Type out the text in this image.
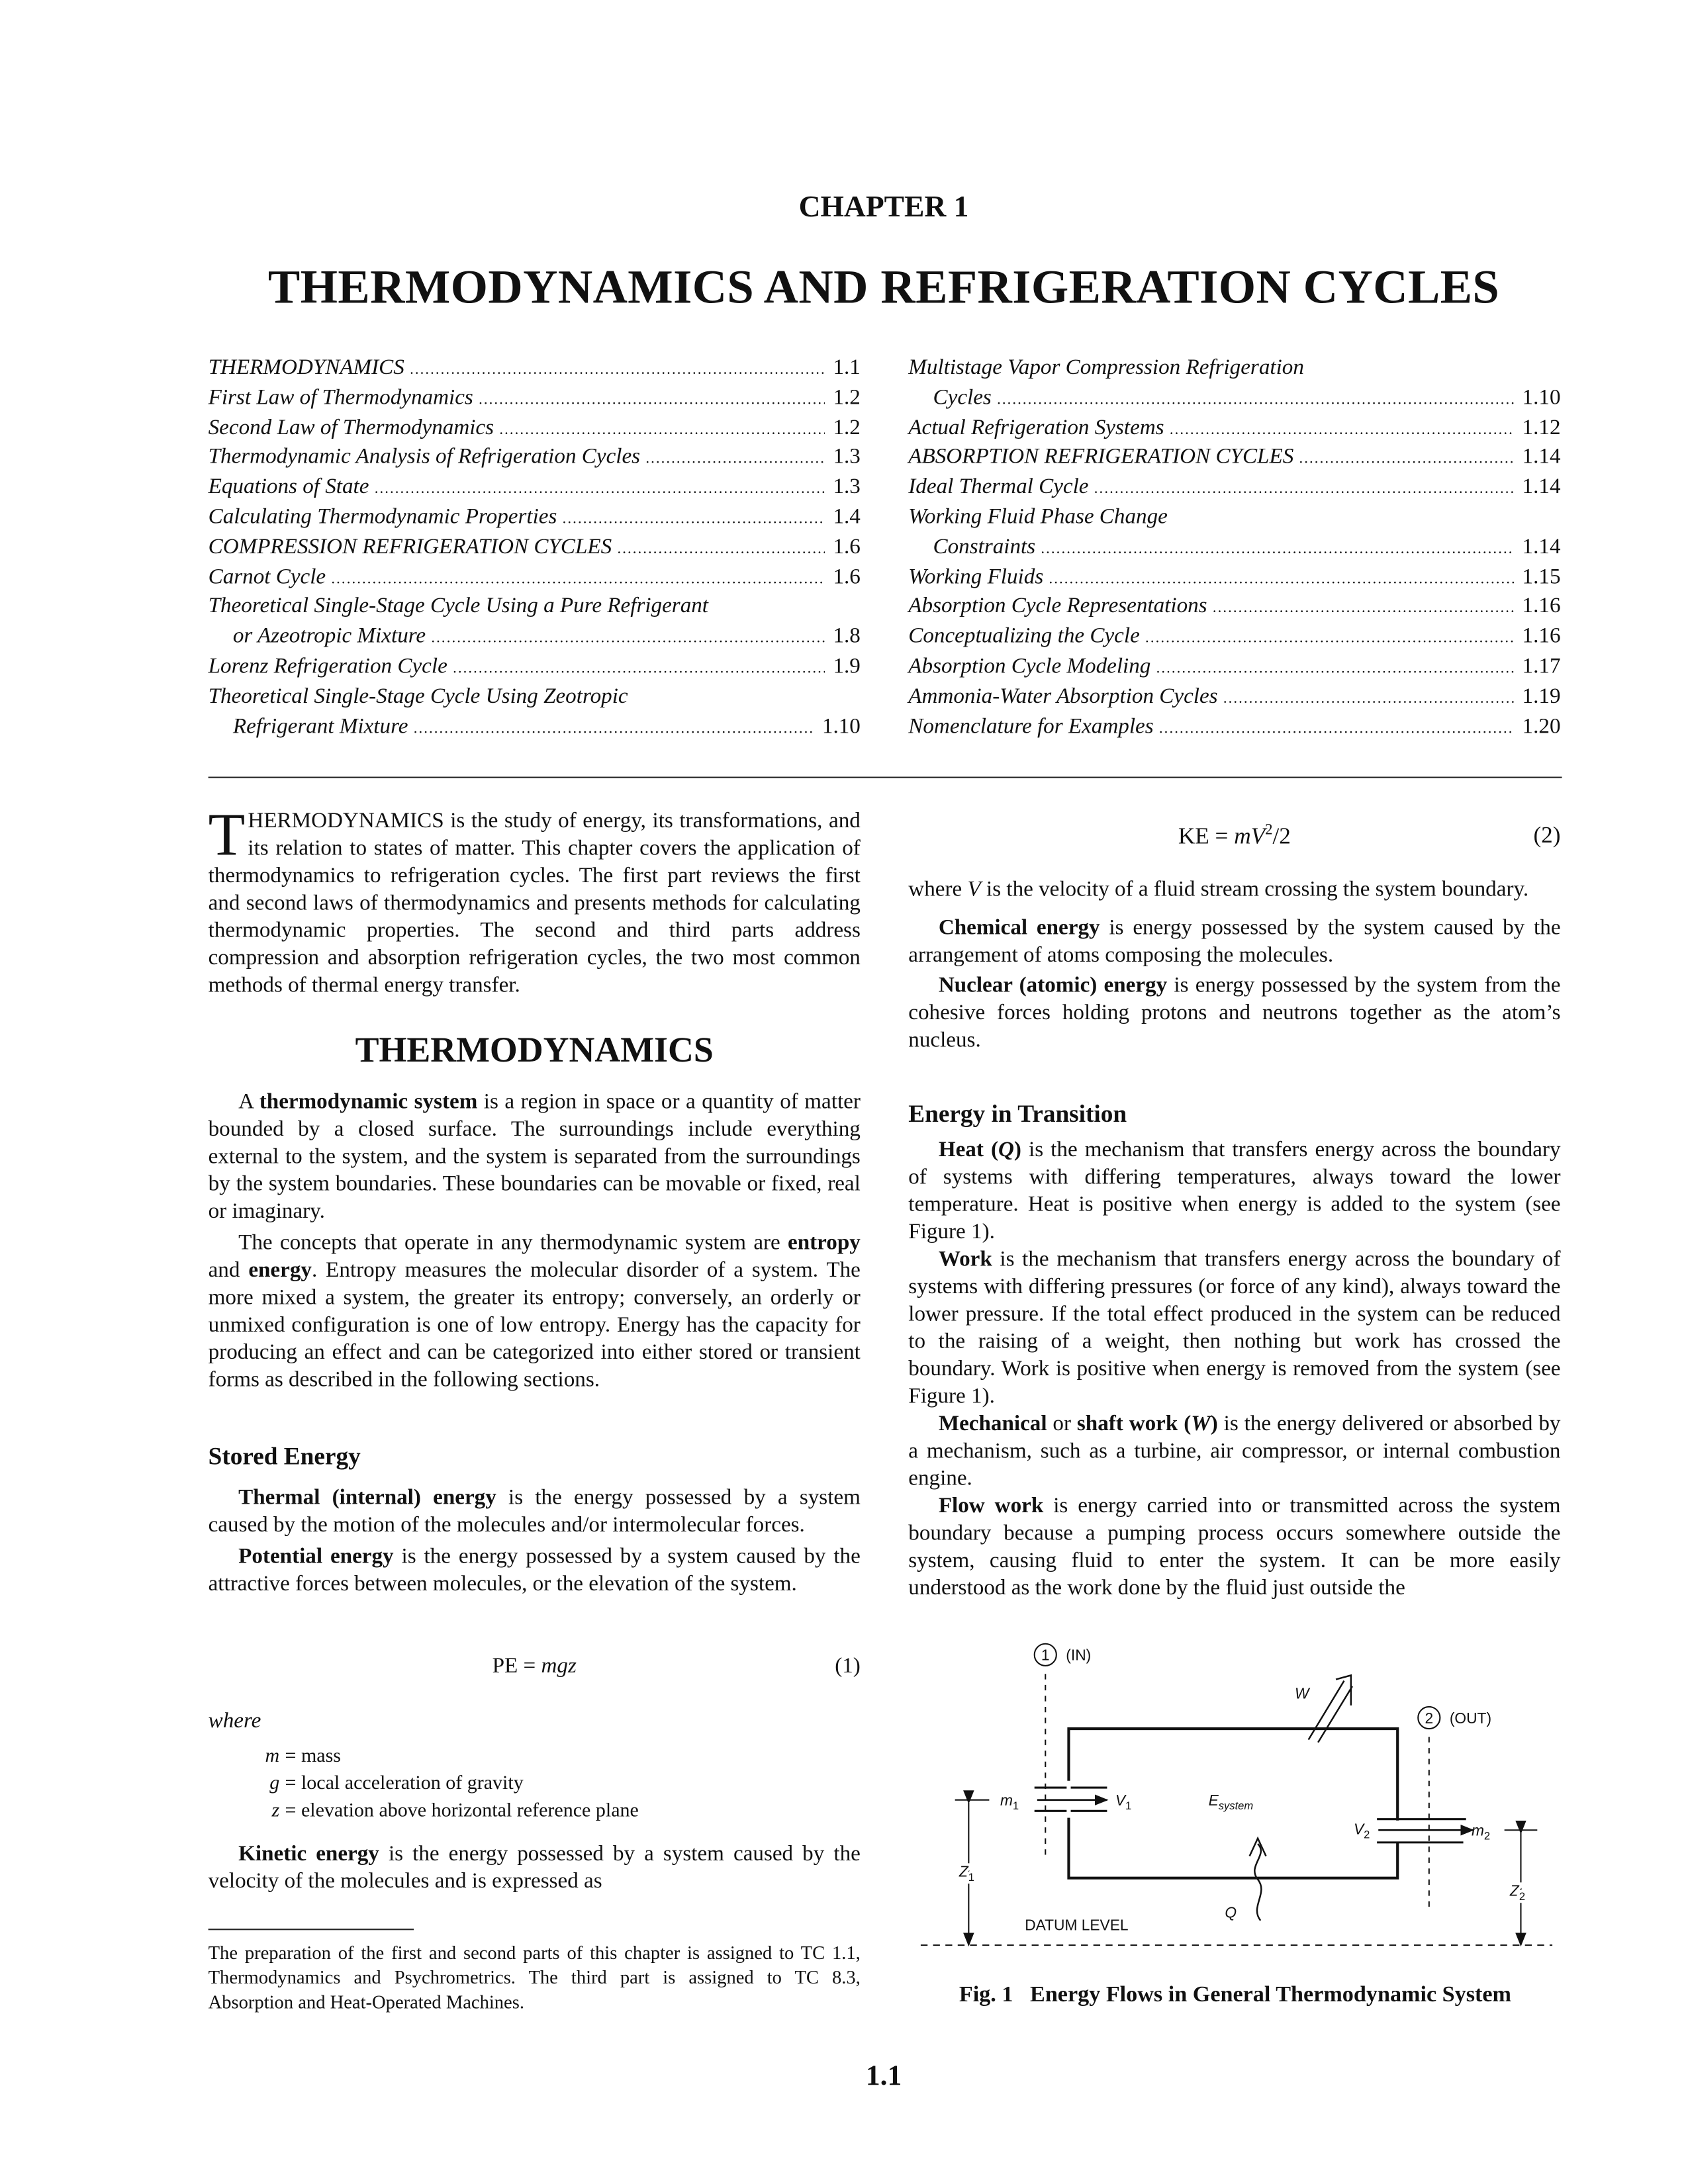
CHAPTER 1
THERMODYNAMICS AND REFRIGERATION CYCLES
THERMODYNAMICS .....	1.1
First Law of Thermodynamics .....	1.2
Second Law of Thermodynamics .....	1.2
Thermodynamic Analysis of Refrigeration Cycles .....	1.3
Equations of State .....	1.3
Calculating Thermodynamic Properties .....	1.4
COMPRESSION REFRIGERATION CYCLES .....	1.6
Carnot Cycle .....	1.6
Theoretical Single-Stage Cycle Using a Pure Refrigerant
or Azeotropic Mixture .....	1.8
Lorenz Refrigeration Cycle .....	1.9
Theoretical Single-Stage Cycle Using Zeotropic
Refrigerant Mixture .....	1.10
Multistage Vapor Compression Refrigeration
Cycles .....	1.10
Actual Refrigeration Systems .....	1.12
ABSORPTION REFRIGERATION CYCLES .....	1.14
Ideal Thermal Cycle .....	1.14
Working Fluid Phase Change
Constraints .....	1.14
Working Fluids .....	1.15
Absorption Cycle Representations .....	1.16
Conceptualizing the Cycle .....	1.16
Absorption Cycle Modeling .....	1.17
Ammonia-Water Absorption Cycles .....	1.19
Nomenclature for Examples .....	1.20

THERMODYNAMICS is the study of energy, its transformations, and its relation to states of matter. This chapter covers the application of thermodynamics to refrigeration cycles. The first part reviews the first and second laws of thermodynamics and presents methods for calculating thermodynamic properties. The second and third parts address compression and absorption refrigeration cycles, the two most common methods of thermal energy transfer.

THERMODYNAMICS

A thermodynamic system is a region in space or a quantity of matter bounded by a closed surface. The surroundings include everything external to the system, and the system is separated from the surroundings by the system boundaries. These boundaries can be movable or fixed, real or imaginary.

The concepts that operate in any thermodynamic system are entropy and energy. Entropy measures the molecular disorder of a system. The more mixed a system, the greater its entropy; conversely, an orderly or unmixed configuration is one of low entropy. Energy has the capacity for producing an effect and can be categorized into either stored or transient forms as described in the following sections.

Stored Energy

Thermal (internal) energy is the energy possessed by a system caused by the motion of the molecules and/or intermolecular forces.

Potential energy is the energy possessed by a system caused by the attractive forces between molecules, or the elevation of the system.

PE = mgz	(1)
where
m = mass
g = local acceleration of gravity
z = elevation above horizontal reference plane

Kinetic energy is the energy possessed by a system caused by the velocity of the molecules and is expressed as

The preparation of the first and second parts of this chapter is assigned to TC 1.1, Thermodynamics and Psychrometrics. The third part is assigned to TC 8.3, Absorption and Heat-Operated Machines.
KE = $mV^2/2$	(2)

where V is the velocity of a fluid stream crossing the system boundary.

Chemical energy is energy possessed by the system caused by the arrangement of atoms composing the molecules.

Nuclear (atomic) energy is energy possessed by the system from the cohesive forces holding protons and neutrons together as the atom’s nucleus.

Energy in Transition

Heat (Q) is the mechanism that transfers energy across the boundary of systems with differing temperatures, always toward the lower temperature. Heat is positive when energy is added to the system (see Figure 1).

Work is the mechanism that transfers energy across the boundary of systems with differing pressures (or force of any kind), always toward the lower pressure. If the total effect produced in the system can be reduced to the raising of a weight, then nothing but work has crossed the boundary. Work is positive when energy is removed from the system (see Figure 1).

Mechanical or shaft work (W) is the energy delivered or absorbed by a mechanism, such as a turbine, air compressor, or internal combustion engine.

Flow work is energy carried into or transmitted across the system boundary because a pumping process occurs somewhere outside the system, causing fluid to enter the system. It can be more easily understood as the work done by the fluid just outside the

1 (IN)
2 (OUT)
W
$m_1$	$V_1$	$E_{system}$
$V_2$	$m_2$
$Z_1$
$Z_2$
Q
DATUM LEVEL
Fig. 1 Energy Flows in General Thermodynamic System
1.1
